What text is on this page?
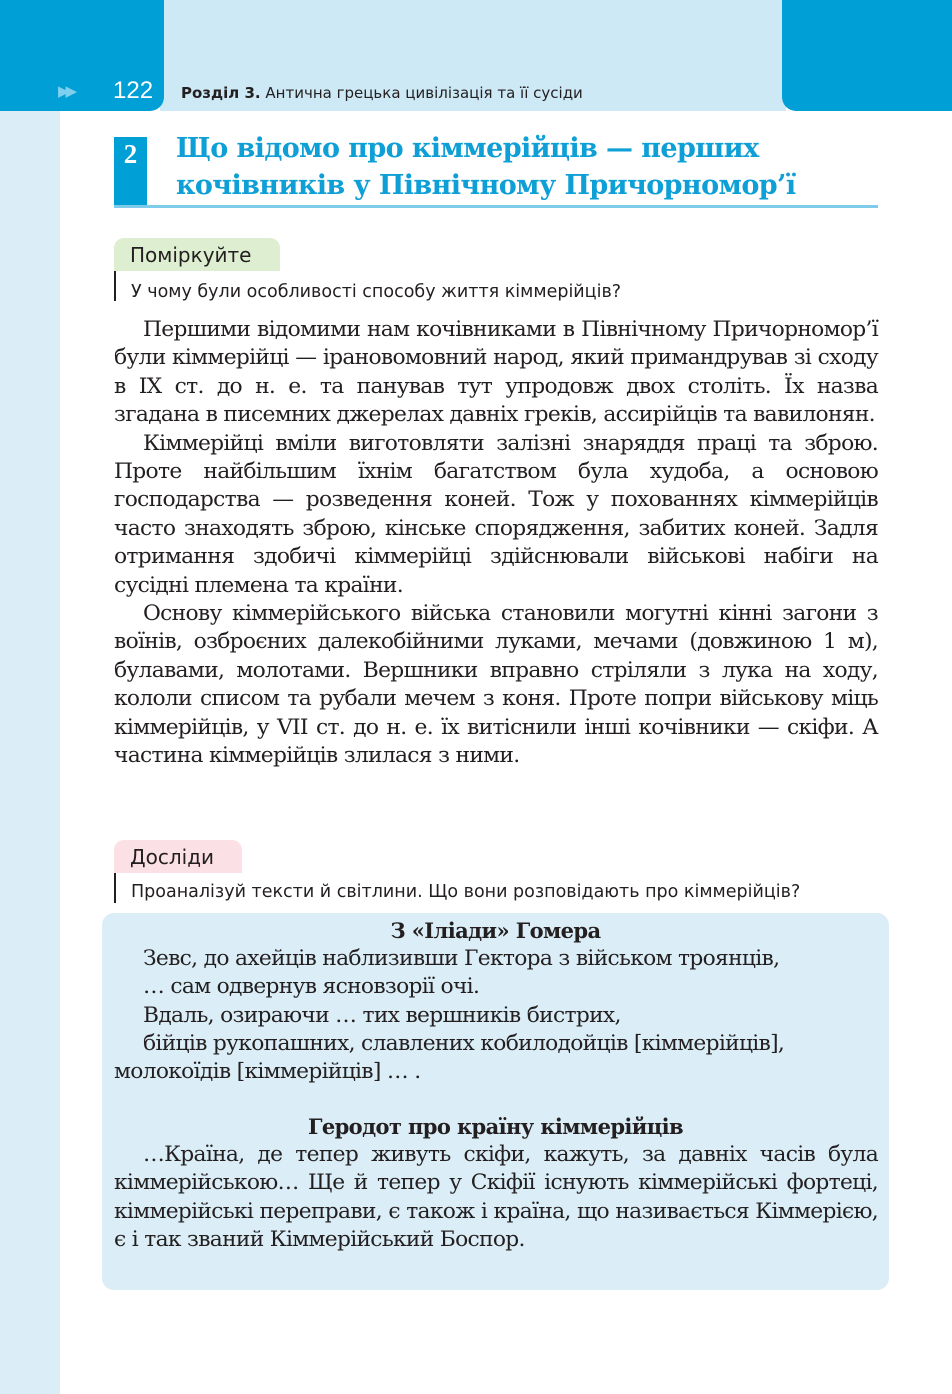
▶▶	122 Розділ 3. Античнa грецька цивілізація та її сусіди
2	Що відомо про кіммерійців — перших
кочівників у Північному Причорномор’ї
Поміркуйте
У чому були особливості способу життя кіммерійців?

Першими відомими нам кочівниками в Північному Причорномор’ї були кіммерійці — ірановомовний народ, який примандрував зі сходу в IX ст. до н. е. та панував тут упродовж двох століть. Їх назва згадана в писемних джерелах давніх греків, ассирійців та вавилонян.

Кіммерійці вміли виготовляти залізні знаряддя праці та зброю. Проте найбільшим їхнім багатством була худоба, а основою господарства — розведення коней. Тож у похованнях кіммерійців часто знаходять зброю, кінське спорядження, забитих коней. Задля отримання здобичі кіммерійці здійснювали військові набіги на сусідні племена та країни.

Основу кіммерійського війська становили могутні кінні загони з воїнів, озброєних далекобійними луками, мечами (довжиною 1 м), булавами, молотами. Вершники вправно стріляли з лука на ходу, кололи списом та рубали мечем з коня. Проте попри військову міць кіммерійців, у VII ст. до н. е. їх витіснили інші кочівники — скіфи. А частина кіммерійців злилася з ними.

Досліди
Проаналізуй тексти й світлини. Що вони розповідають про кіммерійців?
З «Іліади» Гомера
Зевс, до ахейців наблизивши Гектора з військом троянців,
… сам одвернув ясновзорії очі.
Вдаль, озираючи … тих вершників бистрих,
бійців рукопашних, славлених кобилодойців [кіммерійців],
молокоїдів [кіммерійців] … .
Геродот про країну кіммерійців

…Країна, де тепер живуть скіфи, кажуть, за давніх часів була кіммерійською… Ще й тепер у Скіфії існують кіммерійські фортеці, кіммерійські переправи, є також і країна, що називається Кіммерією, є і так званий Кіммерійський Боспор.
